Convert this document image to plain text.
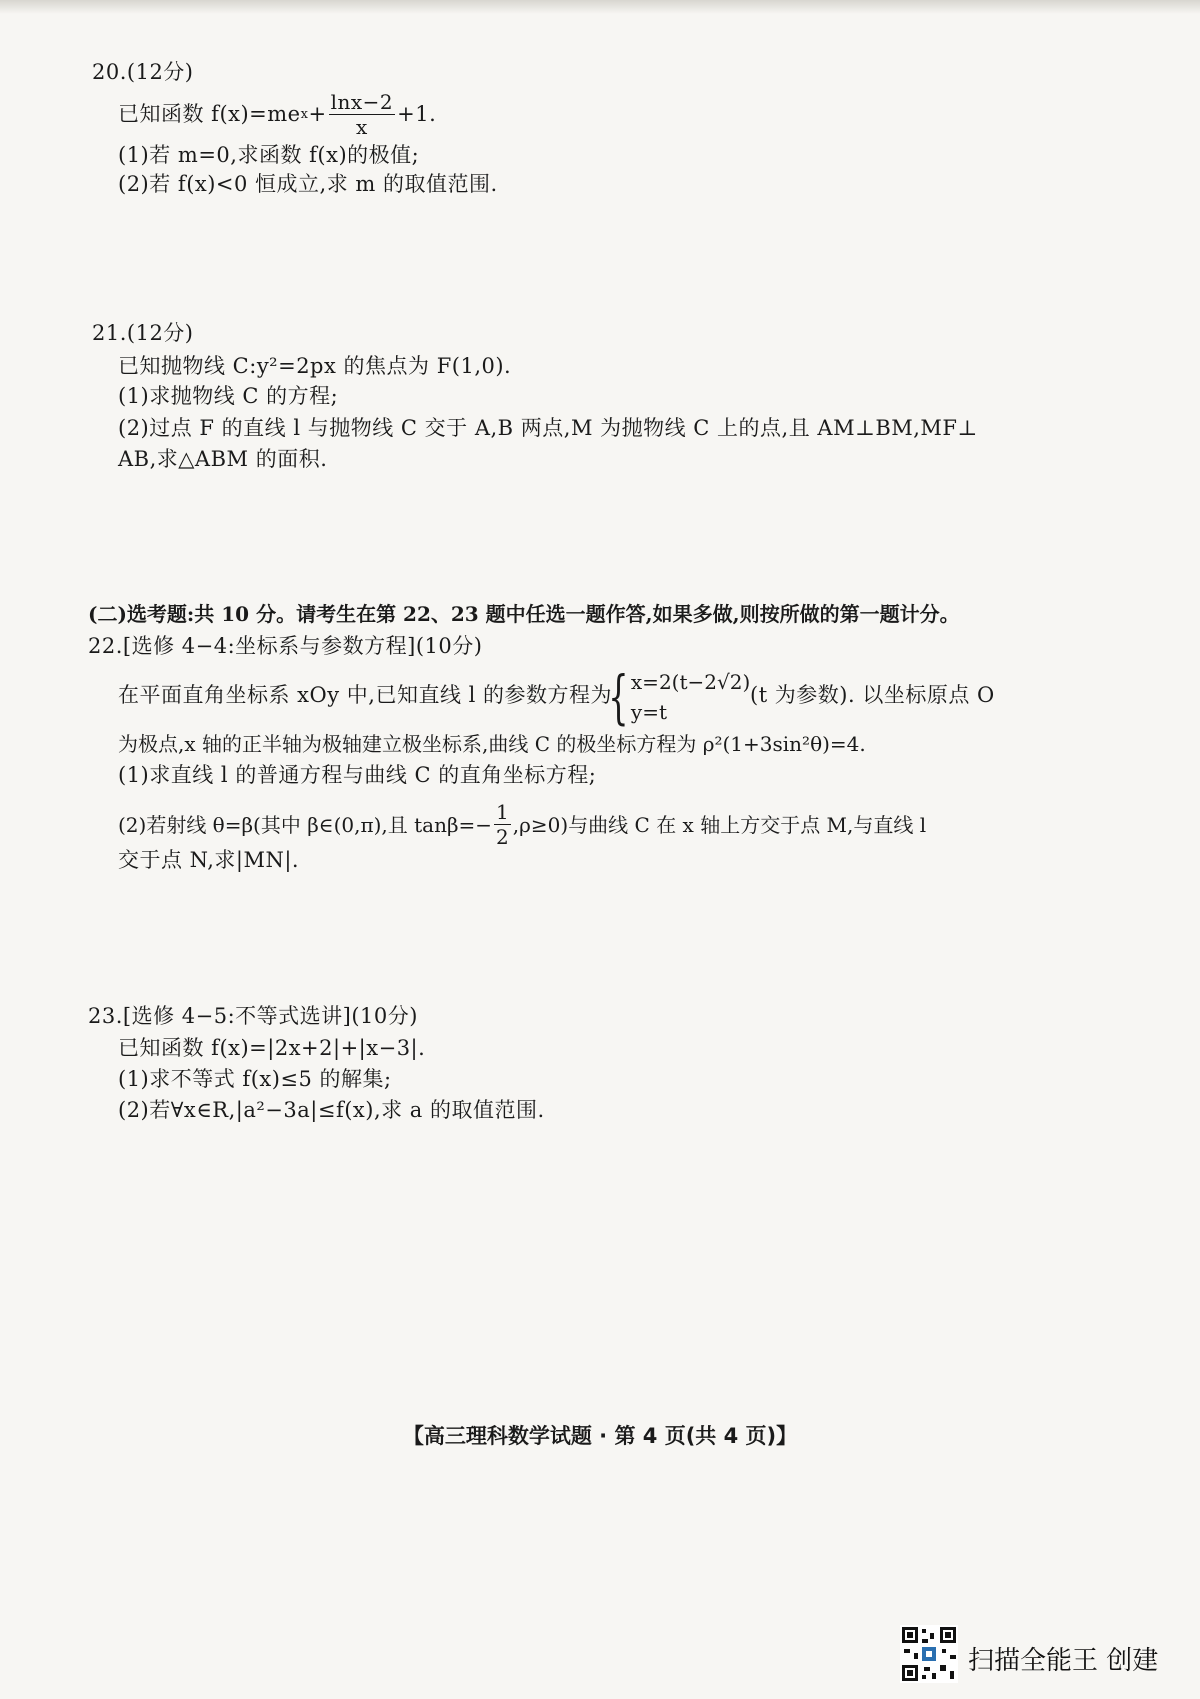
20.(12分)
已知函数 f(x)=me $x + \frac{\ln x-2}{x} +1$.
(1)若 m=0,求函数 f(x)的极值;
(2)若 f(x)<0 恒成立,求 m 的取值范围.
21.(12分)
已知抛物线 C:y²=2px 的焦点为 F(1,0).
(1)求抛物线 C 的方程;
(2)过点 F 的直线 l 与抛物线 C 交于 A,B 两点,M 为抛物线 C 上的点,且 AM⊥BM,MF⊥
AB,求△ABM 的面积.
(二)选考题:共 10 分。请考生在第 22、23 题中任选一题作答,如果多做,则按所做的第一题计分。
22.[选修 4−4:坐标系与参数方程](10分)
在平面直角坐标系 xOy 中,已知直线 l 的参数方程为
{ x=2(t−2√2)
y=t
(t 为参数). 以坐标原点 O
为极点,x 轴的正半轴为极轴建立极坐标系,曲线 C 的极坐标方程为 ρ²(1+3sin²θ)=4.
(1)求直线 l 的普通方程与曲线 C 的直角坐标方程;
(2)若射线 θ=β(其中 β∈(0,π),且 $\tan\beta=- \frac{1}{2} ,\rho\ge 0$)与曲线 C 在 x 轴上方交于点 M,与直线 l
交于点 N,求|MN|.
23.[选修 4−5:不等式选讲](10分)
已知函数 f(x)=|2x+2|+|x−3|.
(1)求不等式 f(x)≤5 的解集;
(2)若∀x∈R,|a²−3a|≤f(x),求 a 的取值范围.
【高三理科数学试题 · 第 4 页(共 4 页)】
扫描全能王 创建
